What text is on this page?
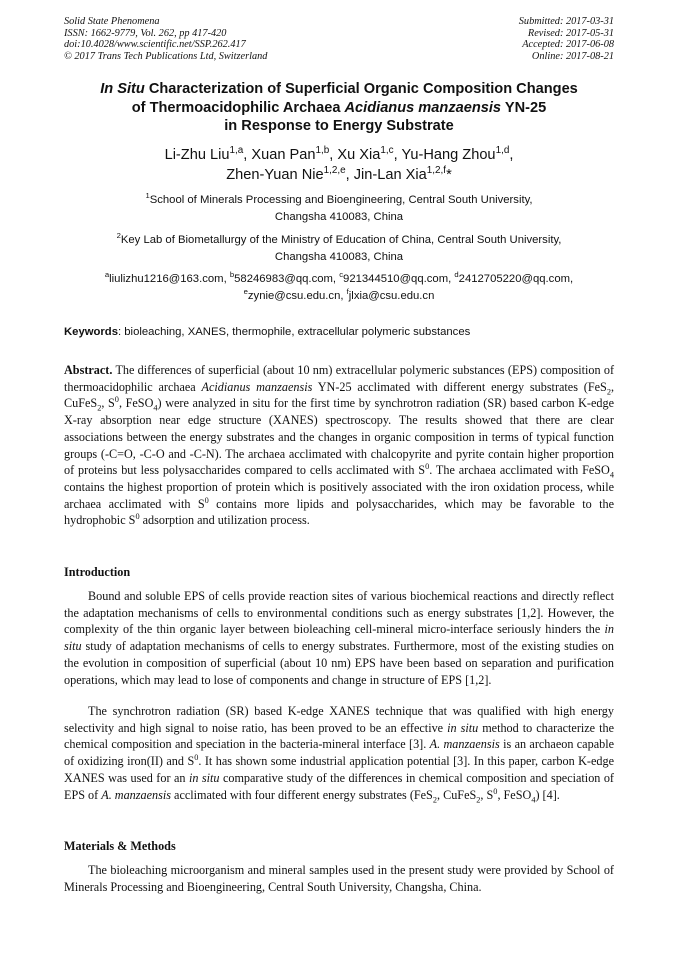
Solid State Phenomena
ISSN: 1662-9779, Vol. 262, pp 417-420
doi:10.4028/www.scientific.net/SSP.262.417
© 2017 Trans Tech Publications Ltd, Switzerland
Submitted: 2017-03-31
Revised: 2017-05-31
Accepted: 2017-06-08
Online: 2017-08-21
In Situ Characterization of Superficial Organic Composition Changes
of Thermoacidophilic Archaea Acidianus manzaensis YN-25
in Response to Energy Substrate
Li-Zhu Liu$^{1,a}$, Xuan Pan$^{1,b}$, Xu Xia$^{1,c}$, Yu-Hang Zhou$^{1,d}$,
Zhen-Yuan Nie$^{1,2,e}$, Jin-Lan Xia$^{1,2,f}$*
$^1$School of Minerals Processing and Bioengineering, Central South University,
Changsha 410083, China
$^2$Key Lab of Biometallurgy of the Ministry of Education of China, Central South University,
Changsha 410083, China
$^a$liulizhu1216@163.com, $^b$58246983@qq.com, $^c$921344510@qq.com, $^d$2412705220@qq.com,
$^e$zynie@csu.edu.cn, $^f$jlxia@csu.edu.cn
Keywords: bioleaching, XANES, thermophile, extracellular polymeric substances
Abstract. The differences of superficial (about 10 nm) extracellular polymeric substances (EPS) composition of thermoacidophilic archaea Acidianus manzaensis YN-25 acclimated with different energy substrates (FeS$_2$, CuFeS$_2$, $S^0$, FeSO$_4$) were analyzed in situ for the first time by synchrotron radiation (SR) based carbon K-edge X-ray absorption near edge structure (XANES) spectroscopy. The results showed that there are clear associations between the energy substrates and the changes in organic composition in terms of typical function groups (-C=O, -C-O and -C-N). The archaea acclimated with chalcopyrite and pyrite contain higher proportion of proteins but less polysaccharides compared to cells acclimated with $S^0$. The archaea acclimated with FeSO$_4$ contains the highest proportion of protein which is positively associated with the iron oxidation process, while archaea acclimated with $S^0$ contains more lipids and polysaccharides, which may be favorable to the hydrophobic $S^0$ adsorption and utilization process.
Introduction
Bound and soluble EPS of cells provide reaction sites of various biochemical reactions and directly reflect the adaptation mechanisms of cells to environmental conditions such as energy substrates [1,2]. However, the complexity of the thin organic layer between bioleaching cell-mineral micro-interface seriously hinders the in situ study of adaptation mechanisms of cells to energy substrates. Furthermore, most of the existing studies on the evolution in composition of superficial (about 10 nm) EPS have been based on separation and purification operations, which may lead to lose of components and change in structure of EPS [1,2].
The synchrotron radiation (SR) based K-edge XANES technique that was qualified with high energy selectivity and high signal to noise ratio, has been proved to be an effective in situ method to characterize the chemical composition and speciation in the bacteria-mineral interface [3]. A. manzaensis is an archaeon capable of oxidizing iron(II) and $S^0$. It has shown some industrial application potential [3]. In this paper, carbon K-edge XANES was used for an in situ comparative study of the differences in chemical composition and speciation of EPS of A. manzaensis acclimated with four different energy substrates (FeS$_2$, CuFeS$_2$, $S^0$, FeSO$_4$) [4].
Materials & Methods
The bioleaching microorganism and mineral samples used in the present study were provided by School of Minerals Processing and Bioengineering, Central South University, Changsha, China.
